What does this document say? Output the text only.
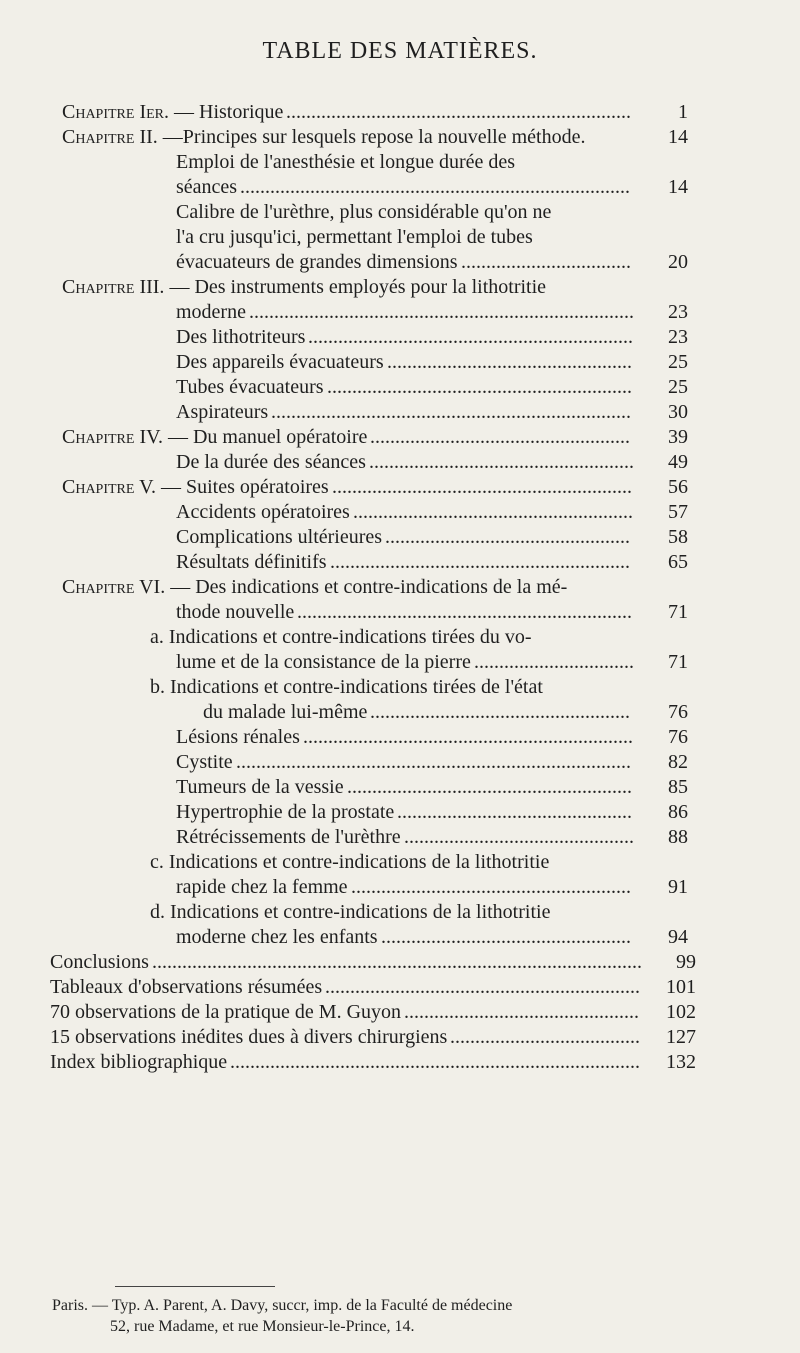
TABLE DES MATIÈRES.
Chapitre Ier. — Historique	1
.....................................................................
Chapitre II. —Principes sur lesquels repose la nouvelle méthode.	14
Emploi de l'anesthésie et longue durée des
séances	14
..............................................................................
Calibre de l'urèthre, plus considérable qu'on ne
l'a cru jusqu'ici, permettant l'emploi de tubes
évacuateurs de grandes dimensions	20
..................................
Chapitre III. — Des instruments employés pour la lithotritie
moderne	23
.............................................................................
Des lithotriteurs	23
.................................................................
Des appareils évacuateurs	25
.................................................
Tubes évacuateurs	25
.............................................................
Aspirateurs	30
........................................................................
Chapitre IV. — Du manuel opératoire	39
....................................................
De la durée des séances	49
.....................................................
Chapitre V. — Suites opératoires	56
............................................................
Accidents opératoires	57
........................................................
Complications ultérieures	58
.................................................
Résultats définitifs	65
............................................................
Chapitre VI. — Des indications et contre-indications de la mé-
thode nouvelle	71
...................................................................
a. Indications et contre-indications tirées du vo-
lume et de la consistance de la pierre	71
................................
b. Indications et contre-indications tirées de l'état
du malade lui-même	76
....................................................
Lésions rénales	76
..................................................................
Cystite	82
...............................................................................
Tumeurs de la vessie	85
.........................................................
Hypertrophie de la prostate	86
...............................................
Rétrécissements de l'urèthre	88
..............................................
c. Indications et contre-indications de la lithotritie
rapide chez la femme	91
........................................................
d. Indications et contre-indications de la lithotritie
moderne chez les enfants	94
..................................................
Conclusions	99
..................................................................................................
Tableaux d'observations résumées	101
...............................................................
70 observations de la pratique de M. Guyon	102
...............................................
15 observations inédites dues à divers chirurgiens	127
......................................
Index bibliographique	132
..................................................................................
Paris. — Typ. A. Parent, A. Davy, succr, imp. de la Faculté de médecine
52, rue Madame, et rue Monsieur-le-Prince, 14.
